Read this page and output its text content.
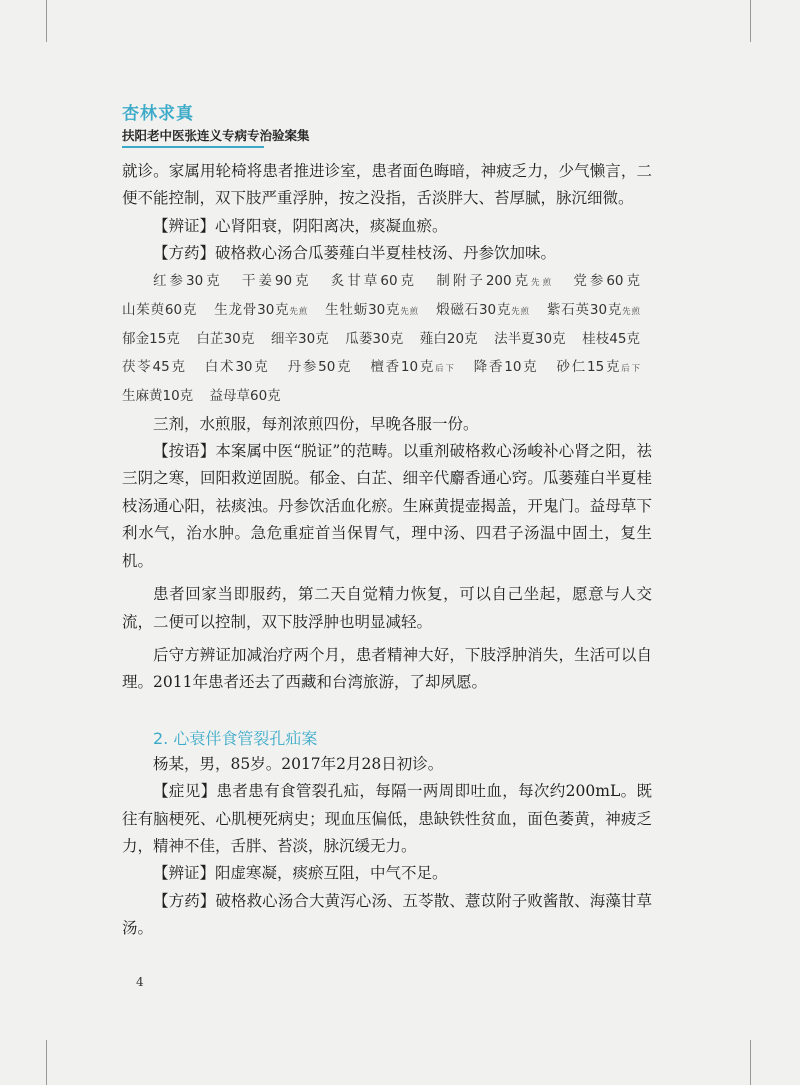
杏林求真
扶阳老中医张连义专病专治验案集

就诊。家属用轮椅将患者推进诊室，患者面色晦暗，神疲乏力，少气懒言，二便不能控制，双下肢严重浮肿，按之没指，舌淡胖大、苔厚腻，脉沉细微。

【辨证】心肾阳衰，阴阳离决，痰凝血瘀。

【方药】破格救心汤合瓜蒌薤白半夏桂枝汤、丹参饮加味。

红参30克 干姜90克 炙甘草60克 制附子200克先煎 党参60克 山茱萸60克 生龙骨30克先煎 生牡蛎30克先煎 煅磁石30克先煎 紫石英30克先煎 郁金15克 白芷30克 细辛30克 瓜蒌30克 薤白20克 法半夏30克 桂枝45克 茯苓45克 白术30克 丹参50克 檀香10克后下 降香10克 砂仁15克后下 生麻黄10克 益母草60克

三剂，水煎服，每剂浓煎四份，早晚各服一份。

【按语】本案属中医“脱证”的范畴。以重剂破格救心汤峻补心肾之阳，祛三阴之寒，回阳救逆固脱。郁金、白芷、细辛代麝香通心窍。瓜蒌薤白半夏桂枝汤通心阳，祛痰浊。丹参饮活血化瘀。生麻黄提壶揭盖，开鬼门。益母草下利水气，治水肿。急危重症首当保胃气，理中汤、四君子汤温中固土，复生机。

患者回家当即服药，第二天自觉精力恢复，可以自己坐起，愿意与人交流，二便可以控制，双下肢浮肿也明显减轻。

后守方辨证加减治疗两个月，患者精神大好，下肢浮肿消失，生活可以自理。2011年患者还去了西藏和台湾旅游，了却夙愿。

2. 心衰伴食管裂孔疝案

杨某，男，85岁。2017年2月28日初诊。

【症见】患者患有食管裂孔疝，每隔一两周即吐血，每次约200mL。既往有脑梗死、心肌梗死病史；现血压偏低，患缺铁性贫血，面色萎黄，神疲乏力，精神不佳，舌胖、苔淡，脉沉缓无力。

【辨证】阳虚寒凝，痰瘀互阻，中气不足。

【方药】破格救心汤合大黄泻心汤、五苓散、薏苡附子败酱散、海藻甘草汤。

4
